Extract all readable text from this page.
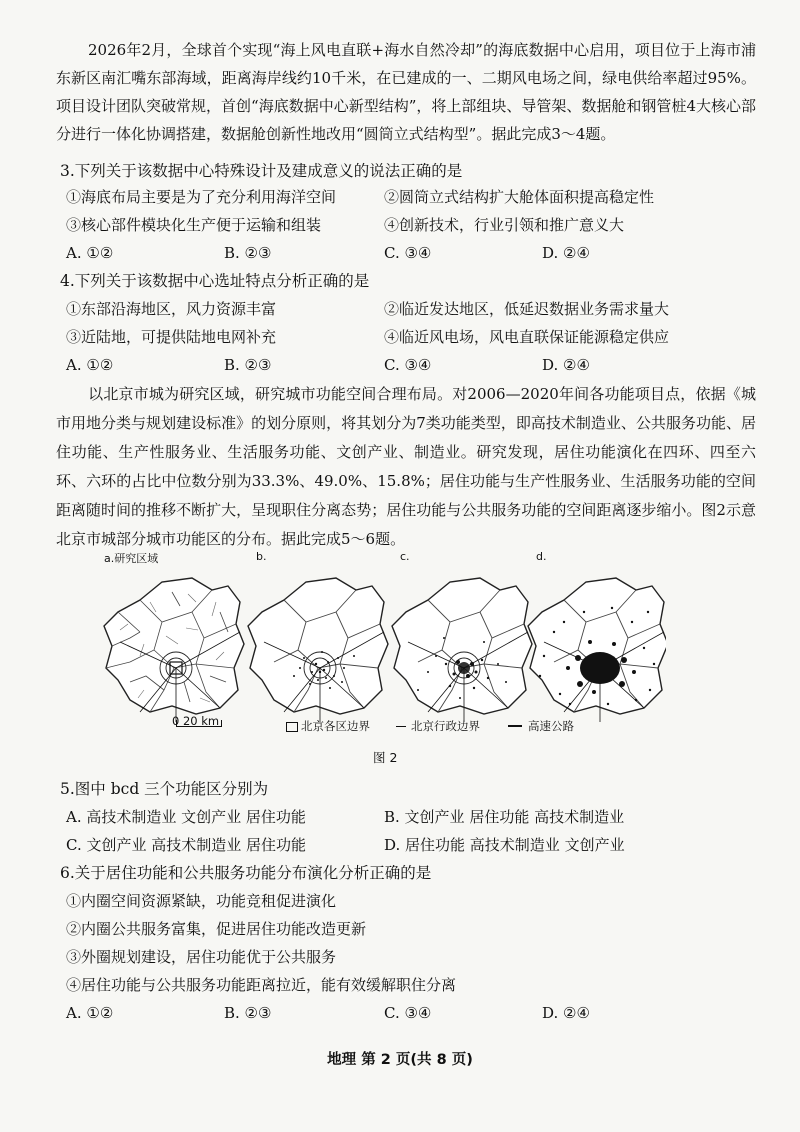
2026年2月，全球首个实现“海上风电直联+海水自然冷却”的海底数据中心启用，项目位于上海市浦东新区南汇嘴东部海域，距离海岸线约10千米，在已建成的一、二期风电场之间，绿电供给率超过95%。项目设计团队突破常规，首创“海底数据中心新型结构”，将上部组块、导管架、数据舱和钢管桩4大核心部分进行一体化协调搭建，数据舱创新性地改用“圆筒立式结构型”。据此完成3～4题。

3.下列关于该数据中心特殊设计及建成意义的说法正确的是
①海底布局主要是为了充分利用海洋空间	②圆筒立式结构扩大舱体面积提高稳定性
③核心部件模块化生产便于运输和组装	④创新技术，行业引领和推广意义大
A. ①②	B. ②③	C. ③④	D. ②④
4.下列关于该数据中心选址特点分析正确的是
①东部沿海地区，风力资源丰富	②临近发达地区，低延迟数据业务需求量大
③近陆地，可提供陆地电网补充	④临近风电场，风电直联保证能源稳定供应
A. ①②	B. ②③	C. ③④	D. ②④

以北京市城为研究区域，研究城市功能空间合理布局。对2006—2020年间各功能项目点，依据《城市用地分类与规划建设标准》的划分原则，将其划分为7类功能类型，即高技术制造业、公共服务功能、居住功能、生产性服务业、生活服务功能、文创产业、制造业。研究发现，居住功能演化在四环、四至六环、六环的占比中位数分别为33.3%、49.0%、15.8%；居住功能与生产性服务业、生活服务功能的空间距离随时间的推移不断扩大，呈现职住分离态势；居住功能与公共服务功能的空间距离逐步缩小。图2示意北京市城部分城市功能区的分布。据此完成5～6题。

a.研究区域	b.	c.	d.
0 20 km	北京各区边界	北京行政边界	高速公路
图 2
5.图中 bcd 三个功能区分别为
A. 高技术制造业 文创产业 居住功能	B. 文创产业 居住功能 高技术制造业
C. 文创产业 高技术制造业 居住功能	D. 居住功能 高技术制造业 文创产业
6.关于居住功能和公共服务功能分布演化分析正确的是
①内圈空间资源紧缺，功能竞租促进演化
②内圈公共服务富集，促进居住功能改造更新
③外圈规划建设，居住功能优于公共服务
④居住功能与公共服务功能距离拉近，能有效缓解职住分离
A. ①②	B. ②③	C. ③④	D. ②④
地理 第 2 页(共 8 页)
